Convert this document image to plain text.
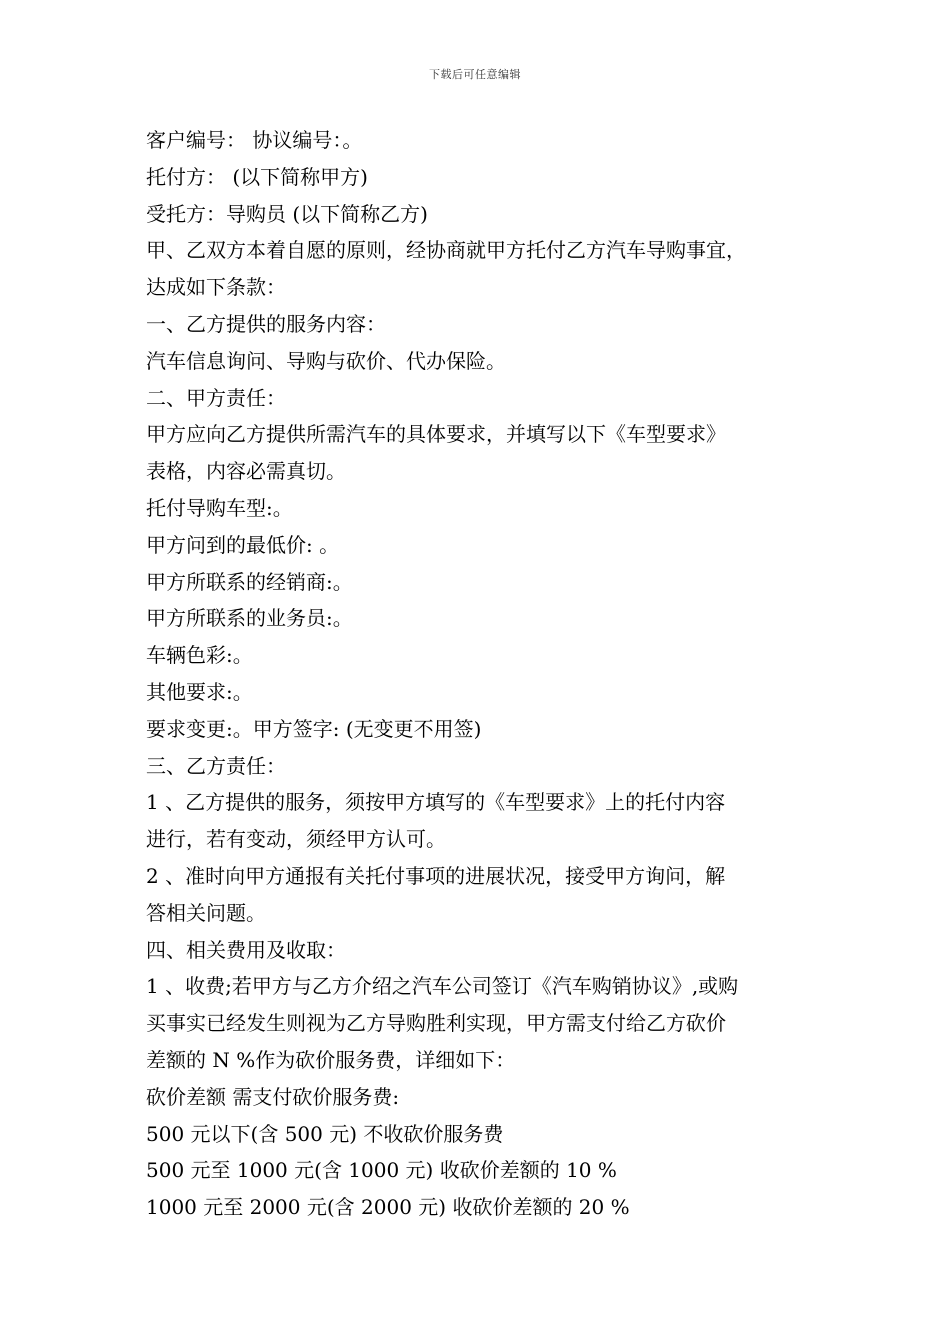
下载后可任意编辑
客户编号： 协议编号：。
托付方： (以下简称甲方)
受托方：导购员 (以下简称乙方)
甲、乙双方本着自愿的原则，经协商就甲方托付乙方汽车导购事宜，
达成如下条款：
一、乙方提供的服务内容：
汽车信息询问、导购与砍价、代办保险。
二、甲方责任：
甲方应向乙方提供所需汽车的具体要求，并填写以下《车型要求》
表格，内容必需真切。
托付导购车型:。
甲方问到的最低价: 。
甲方所联系的经销商:。
甲方所联系的业务员:。
车辆色彩:。
其他要求:。
要求变更:。甲方签字: (无变更不用签)
三、乙方责任：
1 、乙方提供的服务，须按甲方填写的《车型要求》上的托付内容
进行，若有变动，须经甲方认可。
2 、准时向甲方通报有关托付事项的进展状况，接受甲方询问，解
答相关问题。
四、相关费用及收取：
1 、收费;若甲方与乙方介绍之汽车公司签订《汽车购销协议》,或购
买事实已经发生则视为乙方导购胜利实现，甲方需支付给乙方砍价
差额的 N %作为砍价服务费，详细如下：
砍价差额 需支付砍价服务费:
500 元以下(含 500 元) 不收砍价服务费
500 元至 1000 元(含 1000 元) 收砍价差额的 10 %
1000 元至 2000 元(含 2000 元) 收砍价差额的 20 %
